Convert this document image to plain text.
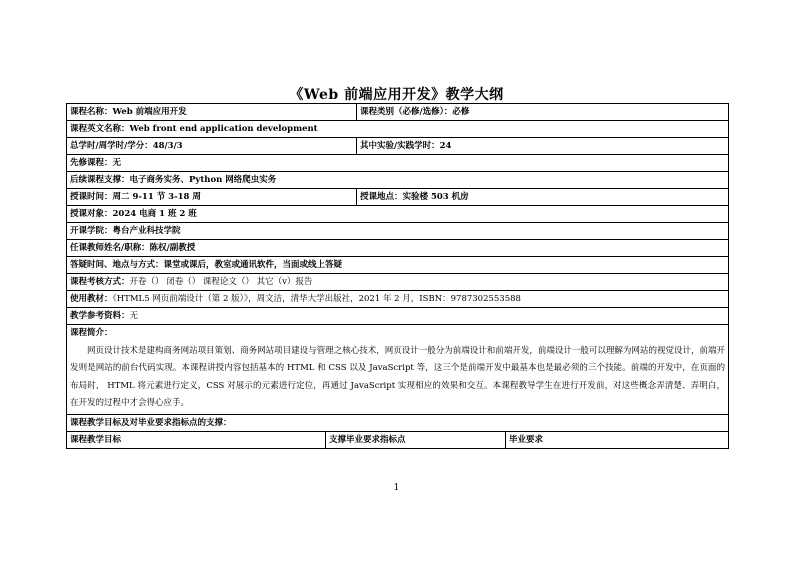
《Web 前端应用开发》教学大纲
课程名称：Web 前端应用开发		课程类别（必修/选修）：必修	
课程英文名称：Web front end application development			
总学时/周学时/学分：48/3/3		其中实验/实践学时：24	
先修课程：无			
后续课程支撑：电子商务实务、Python 网络爬虫实务			
授课时间：周二 9-11 节 3-18 周		授课地点：实验楼 503 机房	
授课对象：2024 电商 1 班 2 班			
开课学院：粤台产业科技学院			
任课教师姓名/职称：陈权/副教授			
答疑时间、地点与方式：课堂或课后，教室或通讯软件，当面或线上答疑			
课程考核方式：开卷（） 闭卷（） 课程论文（） 其它（v）报告			
使用教材：《HTML5 网页前端设计（第 2 版）》，周文洁，清华大学出版社，2021 年 2 月，ISBN：9787302553588			
教学参考资料：无			

课程简介：
网页设计技术是建构商务网站项目策划、商务网站项目建设与管理之核心技术，网页设计一般分为前端设计和前端开发，前端设计一般可以理解为网站的视觉设计，前端开发则是网站的前台代码实现。本课程讲授内容包括基本的 HTML 和 CSS 以及 JavaScript 等，这三个是前端开发中最基本也是最必须的三个技能。前端的开发中，在页面的布局时， HTML 将元素进行定义，CSS 对展示的元素进行定位，再通过 JavaScript 实现相应的效果和交互。本课程教导学生在进行开发前，对这些概念弄清楚、弄明白，在开发的过程中才会得心应手。			

课程教学目标及对毕业要求指标点的支撑：			
课程教学目标	支撑毕业要求指标点		毕业要求
1
